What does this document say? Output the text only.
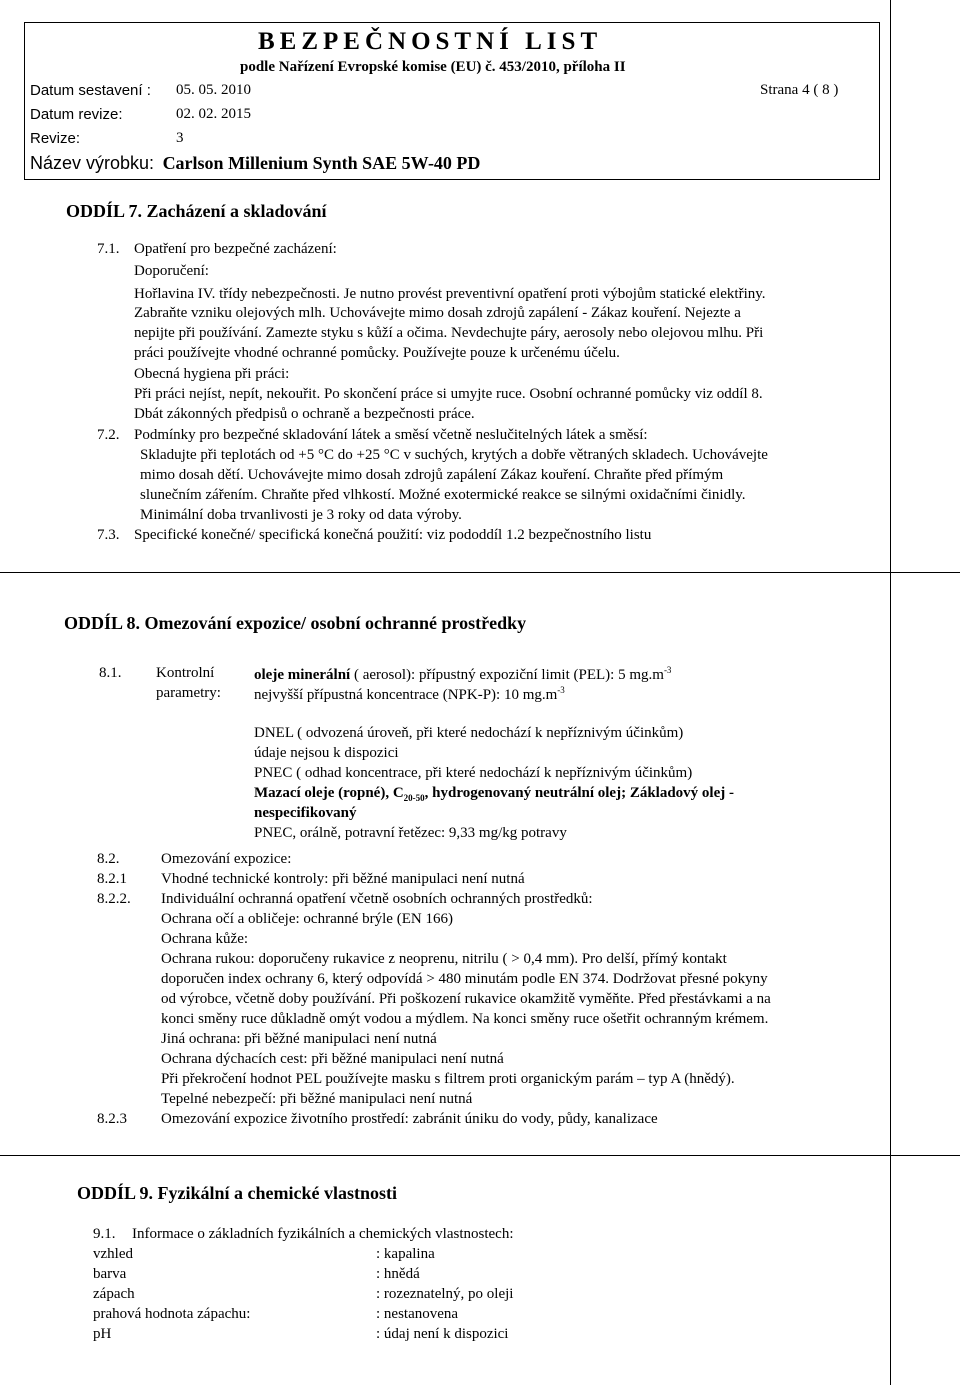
BEZPEČNOSTNÍ LIST
podle Nařízení Evropské komise (EU) č. 453/2010, příloha II
Datum sestavení : 05. 05. 2010	Strana 4 ( 8 )
Datum revize:	02. 02. 2015
Revize:	3
Název výrobku: Carlson Millenium Synth SAE 5W-40 PD
ODDÍL 7. Zacházení a skladování
7.1. Opatření pro bezpečné zacházení:
Doporučení:
Hořlavina IV. třídy nebezpečnosti. Je nutno provést preventivní opatření proti výbojům statické elektřiny.
Zabraňte vzniku olejových mlh. Uchovávejte mimo dosah zdrojů zapálení - Zákaz kouření. Nejezte a
nepijte při používání. Zamezte styku s kůží a očima. Nevdechujte páry, aerosoly nebo olejovou mlhu. Při
práci používejte vhodné ochranné pomůcky. Používejte pouze k určenému účelu.
Obecná hygiena při práci:
Při práci nejíst, nepít, nekouřit. Po skončení práce si umyjte ruce. Osobní ochranné pomůcky viz oddíl 8.
Dbát zákonných předpisů o ochraně a bezpečnosti práce.
7.2. Podmínky pro bezpečné skladování látek a směsí včetně neslučitelných látek a směsí:
Skladujte při teplotách od +5 °C do +25 °C v suchých, krytých a dobře větraných skladech. Uchovávejte
mimo dosah dětí. Uchovávejte mimo dosah zdrojů zapálení Zákaz kouření. Chraňte před přímým
slunečním zářením. Chraňte před vlhkostí. Možné exotermické reakce se silnými oxidačními činidly.
Minimální doba trvanlivosti je 3 roky od data výroby.
7.3. Specifické konečné/ specifická konečná použití: viz pododdíl 1.2 bezpečnostního listu
ODDÍL 8. Omezování expozice/ osobní ochranné prostředky
8.1. Kontrolní
parametry:
oleje minerální ( aerosol): přípustný expoziční limit (PEL): 5 $mg.m^{-3}$
nejvyšší přípustná koncentrace (NPK-P): 10 $mg.m^{-3}$
DNEL ( odvozená úroveň, při které nedochází k nepříznivým účinkům)
údaje nejsou k dispozici
PNEC ( odhad koncentrace, při které nedochází k nepříznivým účinkům)
Mazací oleje (ropné), $C_{20-50}$, hydrogenovaný neutrální olej; Základový olej -
nespecifikovaný
PNEC, orálně, potravní řetězec: 9,33 mg/kg potravy
8.2.	Omezování expozice:
8.2.1 Vhodné technické kontroly: při běžné manipulaci není nutná
8.2.2. Individuální ochranná opatření včetně osobních ochranných prostředků:
Ochrana očí a obličeje: ochranné brýle (EN 166)
Ochrana kůže:
Ochrana rukou: doporučeny rukavice z neoprenu, nitrilu ( > 0,4 mm). Pro delší, přímý kontakt
doporučen index ochrany 6, který odpovídá > 480 minutám podle EN 374. Dodržovat přesné pokyny
od výrobce, včetně doby používání. Při poškození rukavice okamžitě vyměňte. Před přestávkami a na
konci směny ruce důkladně omýt vodou a mýdlem. Na konci směny ruce ošetřit ochranným krémem.
Jiná ochrana: při běžné manipulaci není nutná
Ochrana dýchacích cest: při běžné manipulaci není nutná
Při překročení hodnot PEL používejte masku s filtrem proti organickým parám – typ A (hnědý).
Tepelné nebezpečí: při běžné manipulaci není nutná
8.2.3 Omezování expozice životního prostředí: zabránit úniku do vody, půdy, kanalizace
ODDÍL 9. Fyzikální a chemické vlastnosti
9.1. Informace o základních fyzikálních a chemických vlastnostech:
vzhled	: kapalina
barva	: hnědá
zápach	: rozeznatelný, po oleji
prahová hodnota zápachu:	: nestanovena
pH	: údaj není k dispozici
